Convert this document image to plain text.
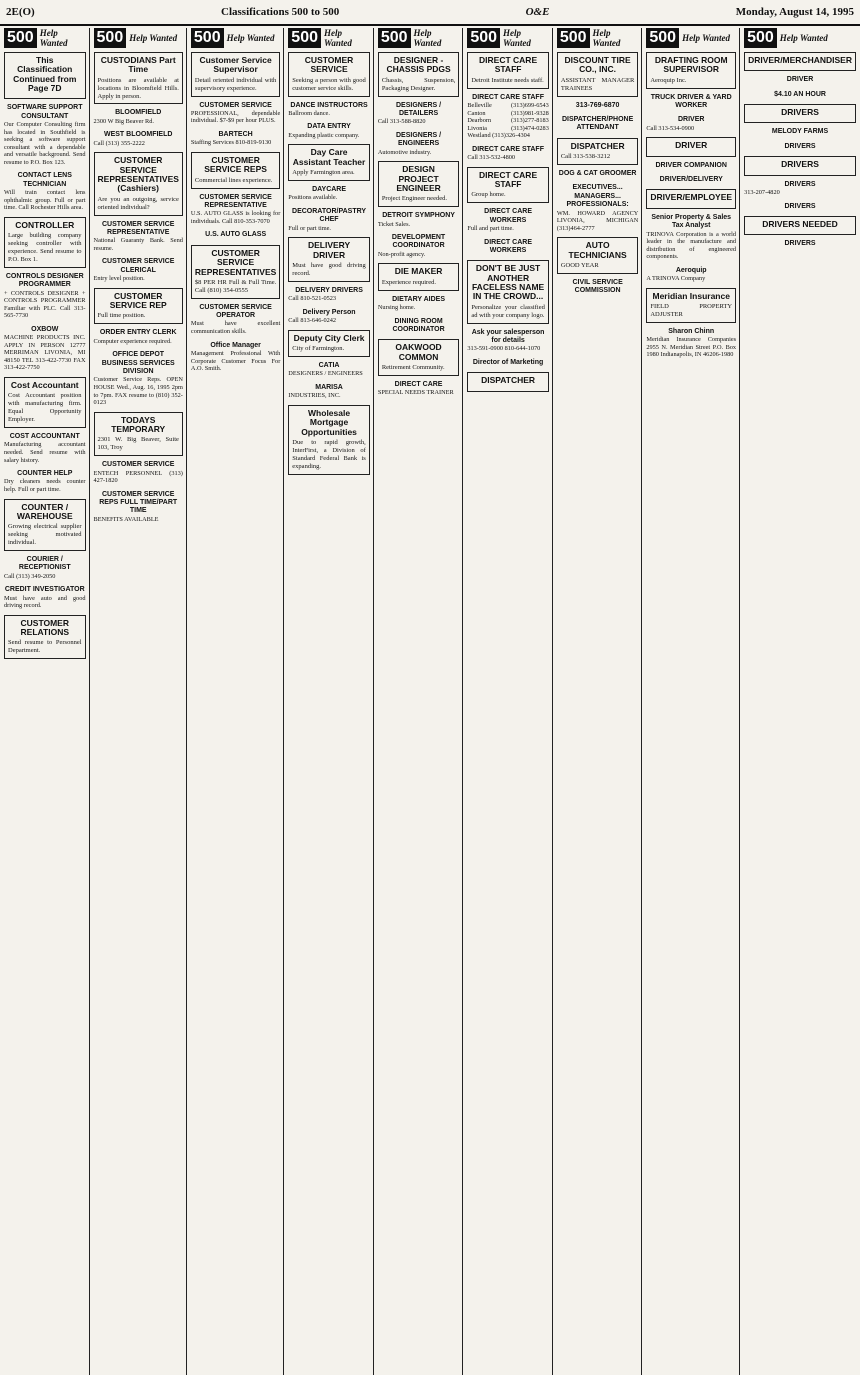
2E(O)	Classifications 500 to 500	O&E	Monday, August 14, 1995
500 Help Wanted
This Classification Continued from Page 7D
SOFTWARE SUPPORT CONSULTANT
Our Computer Consulting firm has located in Southfield is seeking a software support consultant with a dependable and versatile background. Send resume to P.O. Box 123.
CONTACT LENS TECHNICIAN
Will train contact lens ophthalmic group. Full or part time. Call Rochester Hills area.
CONTROLLER
Large building company seeking controller with experience. Send resume to P.O. Box 1.
CONTROLS DESIGNER PROGRAMMER
+ CONTROLS DESIGNER + CONTROLS PROGRAMMER Familiar with PLC. Call 313-565-7730
OXBOW
MACHINE PRODUCTS INC. APPLY IN PERSON 12777 MERRIMAN LIVONIA, MI 48150 TEL 313-422-7730 FAX 313-422-7750
Cost Accountant
Cost Accountant position with manufacturing firm. Equal Opportunity Employer.
COST ACCOUNTANT
Manufacturing accountant needed. Send resume with salary history.
COUNTER HELP
Dry cleaners needs counter help. Full or part time.
COUNTER / WAREHOUSE
Growing electrical supplier seeking motivated individual.
COURIER / RECEPTIONIST
Call (313) 349-2050
CREDIT INVESTIGATOR
Must have auto and good driving record.
CUSTOMER RELATIONS
Send resume to Personnel Department.
500 Help Wanted
CUSTODIANS Part Time
Positions are available at locations in Bloomfield Hills. Apply in person.
BLOOMFIELD
2300 W Big Beaver Rd.
WEST BLOOMFIELD
Call (313) 355-2222
CUSTOMER SERVICE REPRESENTATIVES (Cashiers)
Are you an outgoing, service oriented individual?
CUSTOMER SERVICE REPRESENTATIVE
National Guaranty Bank. Send resume.
CUSTOMER SERVICE CLERICAL
Entry level position.
CUSTOMER SERVICE REP
Full time position.
ORDER ENTRY CLERK
Computer experience required.
OFFICE DEPOT BUSINESS SERVICES DIVISION
Customer Service Reps. OPEN HOUSE Wed., Aug. 16, 1995 2pm to 7pm. FAX resume to (810) 352-0123
TODAYS TEMPORARY
2301 W. Big Beaver, Suite 103, Troy
CUSTOMER SERVICE
ENTECH PERSONNEL (313) 427-1820
CUSTOMER SERVICE REPS FULL TIME/PART TIME
BENEFITS AVAILABLE
500 Help Wanted
Customer Service Supervisor
Detail oriented individual with supervisory experience.
CUSTOMER SERVICE
PROFESSIONAL, dependable individual. $7-$9 per hour PLUS.
BARTECH
Staffing Services 810-819-9130
CUSTOMER SERVICE REPS
Commercial lines experience.
CUSTOMER SERVICE REPRESENTATIVE
U.S. AUTO GLASS is looking for individuals. Call 810-353-7070
U.S. AUTO GLASS
CUSTOMER SERVICE REPRESENTATIVES
$8 PER HR Full & Full Time. Call (810) 354-0555
CUSTOMER SERVICE OPERATOR
Must have excellent communication skills.
Office Manager
Management Professional With Corporate Customer Focus For A.O. Smith.
500 Help Wanted
CUSTOMER SERVICE
Seeking a person with good customer service skills.
DANCE INSTRUCTORS
Ballroom dance.
DATA ENTRY
Expanding plastic company.
Day Care Assistant Teacher
Apply Farmington area.
DAYCARE
Positions available.
DECORATOR/PASTRY CHEF
Full or part time.
DELIVERY DRIVER
Must have good driving record.
DELIVERY DRIVERS
Call 810-521-0523
Delivery Person
Call 813-646-0242
Deputy City Clerk
City of Farmington.
CATIA
DESIGNERS / ENGINEERS
MARISA
INDUSTRIES, INC.
Wholesale Mortgage Opportunities
Due to rapid growth, InterFirst, a Division of Standard Federal Bank is expanding.
500 Help Wanted
DESIGNER - CHASSIS PDGS
Chassis, Suspension, Packaging Designer.
DESIGNERS / DETAILERS
Call 313-588-8820
DESIGNERS / ENGINEERS
Automotive industry.
DESIGN PROJECT ENGINEER
Project Engineer needed.
DETROIT SYMPHONY
Ticket Sales.
DEVELOPMENT COORDINATOR
Non-profit agency.
DIE MAKER
Experience required.
DIETARY AIDES
Nursing home.
DINING ROOM COORDINATOR
OAKWOOD COMMON
Retirement Community.
DIRECT CARE
SPECIAL NEEDS TRAINER
500 Help Wanted
DIRECT CARE STAFF
Detroit Institute needs staff.
DIRECT CARE STAFF
Belleville (313)699-6543 Canton (313)981-9328 Dearborn (313)277-8183 Livonia (313)474-0283 Westland (313)326-4304
DIRECT CARE STAFF
Call 313-532-4800
DIRECT CARE STAFF
Group home.
DIRECT CARE WORKERS
Full and part time.
DIRECT CARE WORKERS
DON'T BE JUST ANOTHER FACELESS NAME IN THE CROWD...
Personalize your classified ad with your company logo.
Ask your salesperson for details
313-591-0900 810-644-1070
Director of Marketing
DISPATCHER
500 Help Wanted
DISCOUNT TIRE CO., INC.
ASSISTANT MANAGER TRAINEES
313-769-6870
DISPATCHER/PHONE ATTENDANT
DISPATCHER
Call 313-538-3212
DOG & CAT GROOMER
EXECUTIVES... MANAGERS... PROFESSIONALS:
WM. HOWARD AGENCY LIVONIA, MICHIGAN (313)464-2777
AUTO TECHNICIANS
GOOD YEAR
CIVIL SERVICE COMMISSION
500 Help Wanted
DRAFTING ROOM SUPERVISOR
Aeroquip Inc.
TRUCK DRIVER & YARD WORKER
DRIVER
Call 313-534-0900
DRIVER
DRIVER COMPANION
DRIVER/DELIVERY
DRIVER/EMPLOYEE
Senior Property & Sales Tax Analyst
TRINOVA Corporation is a world leader in the manufacture and distribution of engineered components.
Aeroquip
A TRINOVA Company
Meridian Insurance
FIELD PROPERTY ADJUSTER
Sharon Chinn
Meridian Insurance Companies 2955 N. Meridian Street P.O. Box 1980 Indianapolis, IN 46206-1980
500 Help Wanted
DRIVER/MERCHANDISER
DRIVER
$4.10 AN HOUR
DRIVERS
MELODY FARMS
DRIVERS
DRIVERS
DRIVERS
313-207-4820
DRIVERS
DRIVERS NEEDED
DRIVERS
